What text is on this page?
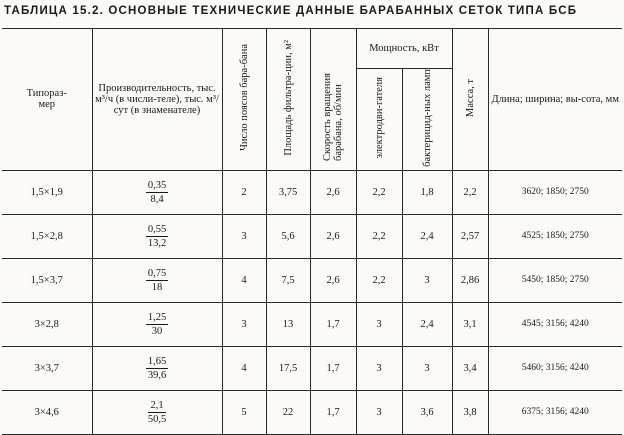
ТАБЛИЦА 15.2. ОСНОВНЫЕ ТЕХНИЧЕСКИЕ ДАННЫЕ БАРАБАННЫХ СЕТОК ТИПА БСБ
Типораз-
мер	Производительность, тыс. м³/ч (в числи-теле), тыс. м³/сут (в знаменателе)	Число поясов бара-бана	Площадь фильтра-ции, м²	Скорость вращения барабана, об/мин	Мощность, кВт		Масса, т	Длина; ширина; вы-сота, мм

					электродви-гателя	бактерицид-ных ламп		
1,5×1,9	$\frac{0,35}{8,4}$	2	3,75	2,6	2,2	1,8	2,2	3620; 1850; 2750
1,5×2,8	$\frac{0,55}{13,2}$	3	5,6	2,6	2,2	2,4	2,57	4525; 1850; 2750
1,5×3,7	$\frac{0,75}{18}$	4	7,5	2,6	2,2	3	2,86	5450; 1850; 2750
3×2,8	$\frac{1,25}{30}$	3	13	1,7	3	2,4	3,1	4545; 3156; 4240
3×3,7	$\frac{1,65}{39,6}$	4	17,5	1,7	3	3	3,4	5460; 3156; 4240
3×4,6	$\frac{2,1}{50,5}$	5	22	1,7	3	3,6	3,8	6375; 3156; 4240
